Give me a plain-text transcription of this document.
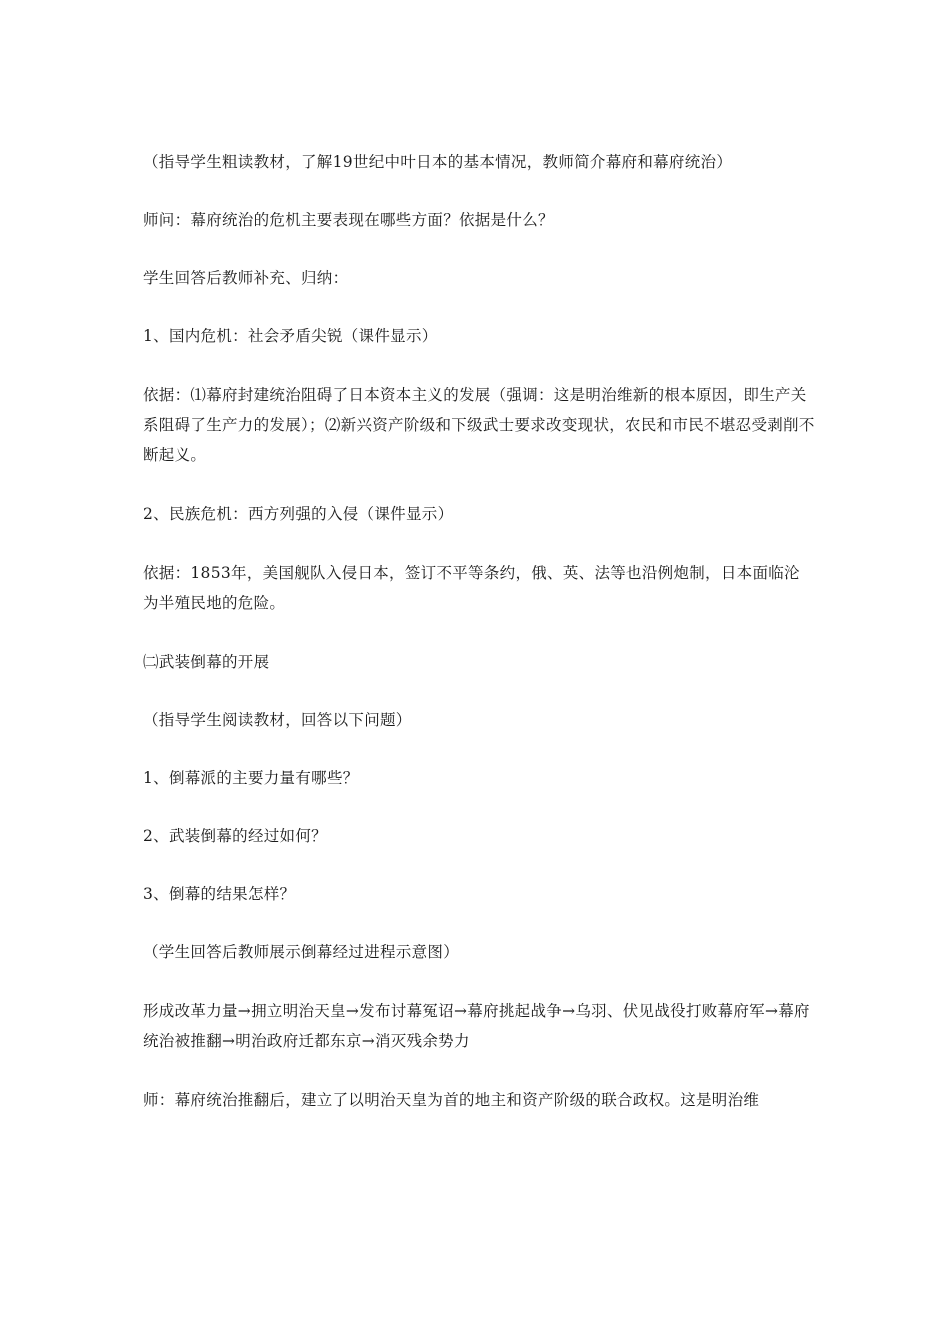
（指导学生粗读教材，了解19世纪中叶日本的基本情况，教师简介幕府和幕府统治）

师问：幕府统治的危机主要表现在哪些方面？依据是什么？

学生回答后教师补充、归纳：

1、国内危机：社会矛盾尖锐（课件显示）

依据：⑴幕府封建统治阻碍了日本资本主义的发展（强调：这是明治维新的根本原因，即生产关系阻碍了生产力的发展）；⑵新兴资产阶级和下级武士要求改变现状，农民和市民不堪忍受剥削不断起义。

2、民族危机：西方列强的入侵（课件显示）

依据：1853年，美国舰队入侵日本，签订不平等条约，俄、英、法等也沿例炮制，日本面临沦为半殖民地的危险。

㈡武装倒幕的开展

（指导学生阅读教材，回答以下问题）

1、倒幕派的主要力量有哪些？

2、武装倒幕的经过如何？

3、倒幕的结果怎样？

（学生回答后教师展示倒幕经过进程示意图）

形成改革力量→拥立明治天皇→发布讨幕冤诏→幕府挑起战争→乌羽、伏见战役打败幕府军→幕府统治被推翻→明治政府迁都东京→消灭残余势力

师：幕府统治推翻后，建立了以明治天皇为首的地主和资产阶级的联合政权。这是明治维
